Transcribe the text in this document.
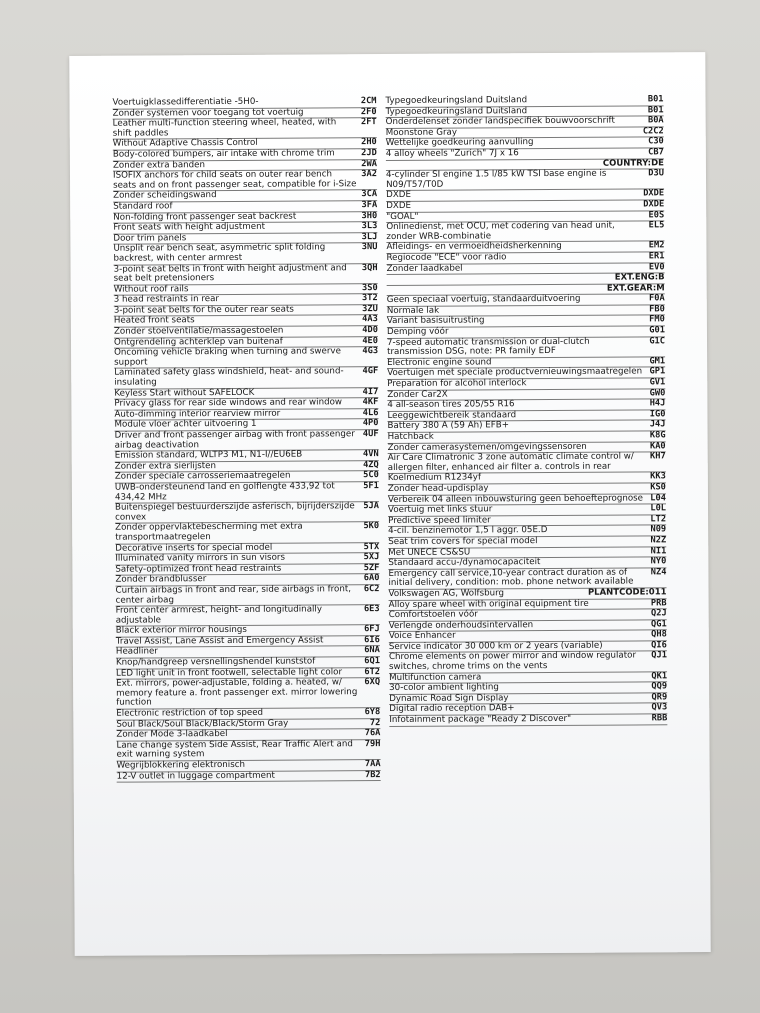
Voertuigklassedifferentiatie -5H0-	2CM
Zonder systemen voor toegang tot voertuig	2F0
Leather multi-function steering wheel, heated, with shift paddles
2FT
Without Adaptive Chassis Control	2H0
Body-colored bumpers, air intake with chrome trim	2JD
Zonder extra banden	2WA
ISOFIX anchors for child seats on outer rear bench seats and on front passenger seat, compatible for i-Size
3A2
Zonder scheidingswand	3CA
Standard roof	3FA
Non-folding front passenger seat backrest	3H0
Front seats with height adjustment	3L3
Door trim panels	3LJ
Unsplit rear bench seat, asymmetric split folding backrest, with center armrest
3NU
3-point seat belts in front with height adjustment and seat belt pretensioners
3QH
Without roof rails	3S0
3 head restraints in rear	3T2
3-point seat belts for the outer rear seats	3ZU
Heated front seats	4A3
Zonder stoelventilatie/massagestoelen	4D0
Ontgrendeling achterklep van buitenaf	4E0
Oncoming vehicle braking when turning and swerve support
4G3
Laminated safety glass windshield, heat- and sound-insulating
4GF
Keyless Start without SAFELOCK	4I7
Privacy glass for rear side windows and rear window	4KF
Auto-dimming interior rearview mirror	4L6
Module vloer achter uitvoering 1	4P0
Driver and front passenger airbag with front passenger airbag deactivation
4UF
Emission standard, WLTP3 M1, N1-I//EU6EB	4VN
Zonder extra sierlijsten	4ZQ
Zonder speciale carrosseriemaatregelen	5C0
UWB-ondersteunend land en golflengte 433,92 tot 434,42 MHz
5F1
Buitenspiegel bestuurderszijde asferisch, bijrijderszijde convex
5JA
Zonder oppervlaktebescherming met extra transportmaatregelen
5K0
Decorative inserts for special model	5TX
Illuminated vanity mirrors in sun visors	5XJ
Safety-optimized front head restraints	5ZF
Zonder brandblusser	6A0
Curtain airbags in front and rear, side airbags in front, center airbag
6C2
Front center armrest, height- and longitudinally adjustable
6E3
Black exterior mirror housings	6FJ
Travel Assist, Lane Assist and Emergency Assist	6I6
Headliner	6NA
Knop/handgreep versnellingshendel kunststof	6Q1
LED light unit in front footwell, selectable light color	6T2
Ext. mirrors, power-adjustable, folding a. heated, w/ memory feature a. front passenger ext. mirror lowering function
6XQ
Electronic restriction of top speed	6Y8
Soul Black/Soul Black/Black/Storm Gray	72
Zonder Mode 3-laadkabel	76A
Lane change system Side Assist, Rear Traffic Alert and exit warning system
79H
Wegrijblokkering elektronisch	7AA
12-V outlet in luggage compartment	7B2
Typegoedkeuringsland Duitsland	B01
Typegoedkeuringsland Duitsland	B01
Onderdelenset zonder landspecifiek bouwvoorschrift	B0A
Moonstone Gray	C2C2
Wettelijke goedkeuring aanvulling	C30
4 alloy wheels "Zurich" 7J x 16	CB7
COUNTRY:DE
4-cylinder SI engine 1.5 l/85 kW TSI base engine is N09/T57/T0D
D3U
DXDE	DXDE
DXDE	DXDE
"GOAL"	E0S
Onlinedienst, met OCU, met codering van head unit, zonder WRB-combinatie
EL5
Afleidings- en vermoeidheidsherkenning	EM2
Regiocode "ECE" voor radio	ER1
Zonder laadkabel	EV0
EXT.ENG:B
EXT.GEAR:M
Geen speciaal voertuig, standaarduitvoering	F0A
Normale lak	FB0
Variant basisuitrusting	FM0
Demping vóór	G01
7-speed automatic transmission or dual-clutch transmission DSG, note: PR family EDF
G1C
Electronic engine sound	GM1
Voertuigen met speciale productvernieuwingsmaatregelen GP1
Preparation for alcohol interlock	GV1
Zonder Car2X	GW0
4 all-season tires 205/55 R16	H4J
Leeggewichtbereik standaard	IG0
Battery 380 A (59 Ah) EFB+	J4J
Hatchback	K8G
Zonder camerasystemen/omgevingssensoren	KA0
Air Care Climatronic 3 zone automatic climate control w/ allergen filter, enhanced air filter a. controls in rear
KH7
Koelmedium R1234yf	KK3
Zonder head-updisplay	KS0
Verbereik 04 alleen inbouwsturing geen behoefteprognose L04
Voertuig met links stuur	L0L
Predictive speed limiter	LT2
4-cil. benzinemotor 1,5 l aggr. 05E.D	N09
Seat trim covers for special model	N2Z
Met UNECE CS&SU	NI1
Standaard accu-/dynamocapaciteit	NY0
Emergency call service,10-year contract duration as of initial delivery, condition: mob. phone network available
NZ4
Volkswagen AG, Wolfsburg	PLANTCODE:011
Alloy spare wheel with original equipment tire	PRB
Comfortstoelen vóór	Q2J
Verlengde onderhoudsintervallen	QG1
Voice Enhancer	QH8
Service indicator 30 000 km or 2 years (variable)	QI6
Chrome elements on power mirror and window regulator switches, chrome trims on the vents
QJ1
Multifunction camera	QK1
30-color ambient lighting	QQ9
Dynamic Road Sign Display	QR9
Digital radio reception DAB+	QV3
Infotainment package "Ready 2 Discover"	RBB
